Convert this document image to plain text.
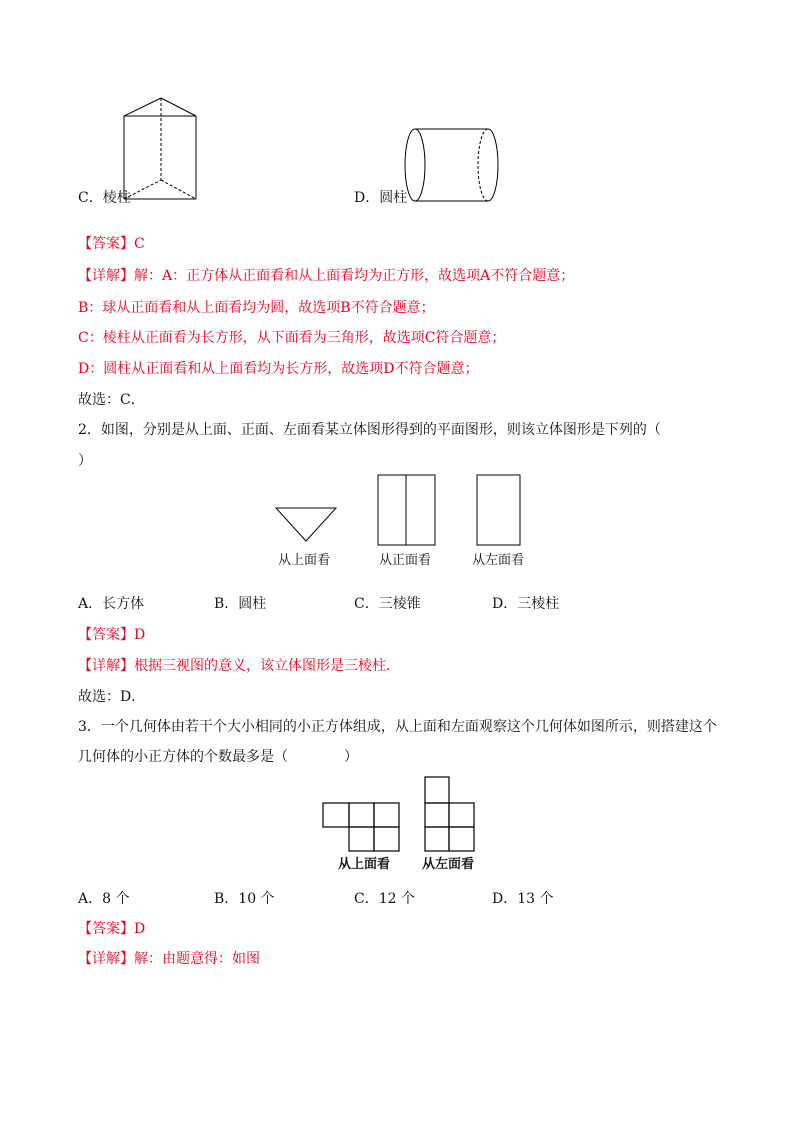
C．棱柱	D．圆柱
【答案】C
【详解】解：A：正方体从正面看和从上面看均为正方形，故选项A不符合题意；
B：球从正面看和从上面看均为圆，故选项B不符合题意；
C：棱柱从正面看为长方形，从下面看为三角形，故选项C符合题意；
D：圆柱从正面看和从上面看均为长方形，故选项D不符合题意；
故选：C．
2．如图，分别是从上面、正面、左面看某立体图形得到的平面图形，则该立体图形是下列的（
）
从上面看	从正面看	从左面看
A．长方体	B．圆柱	C．三棱锥	D．三棱柱
【答案】D
【详解】根据三视图的意义，该立体图形是三棱柱．
故选：D．
3．一个几何体由若干个大小相同的小正方体组成，从上面和左面观察这个几何体如图所示，则搭建这个
几何体的小正方体的个数最多是（　　　　）
从上面看 从左面看
A．8 个	B．10 个	C．12 个	D．13 个
【答案】D
【详解】解：由题意得：如图
